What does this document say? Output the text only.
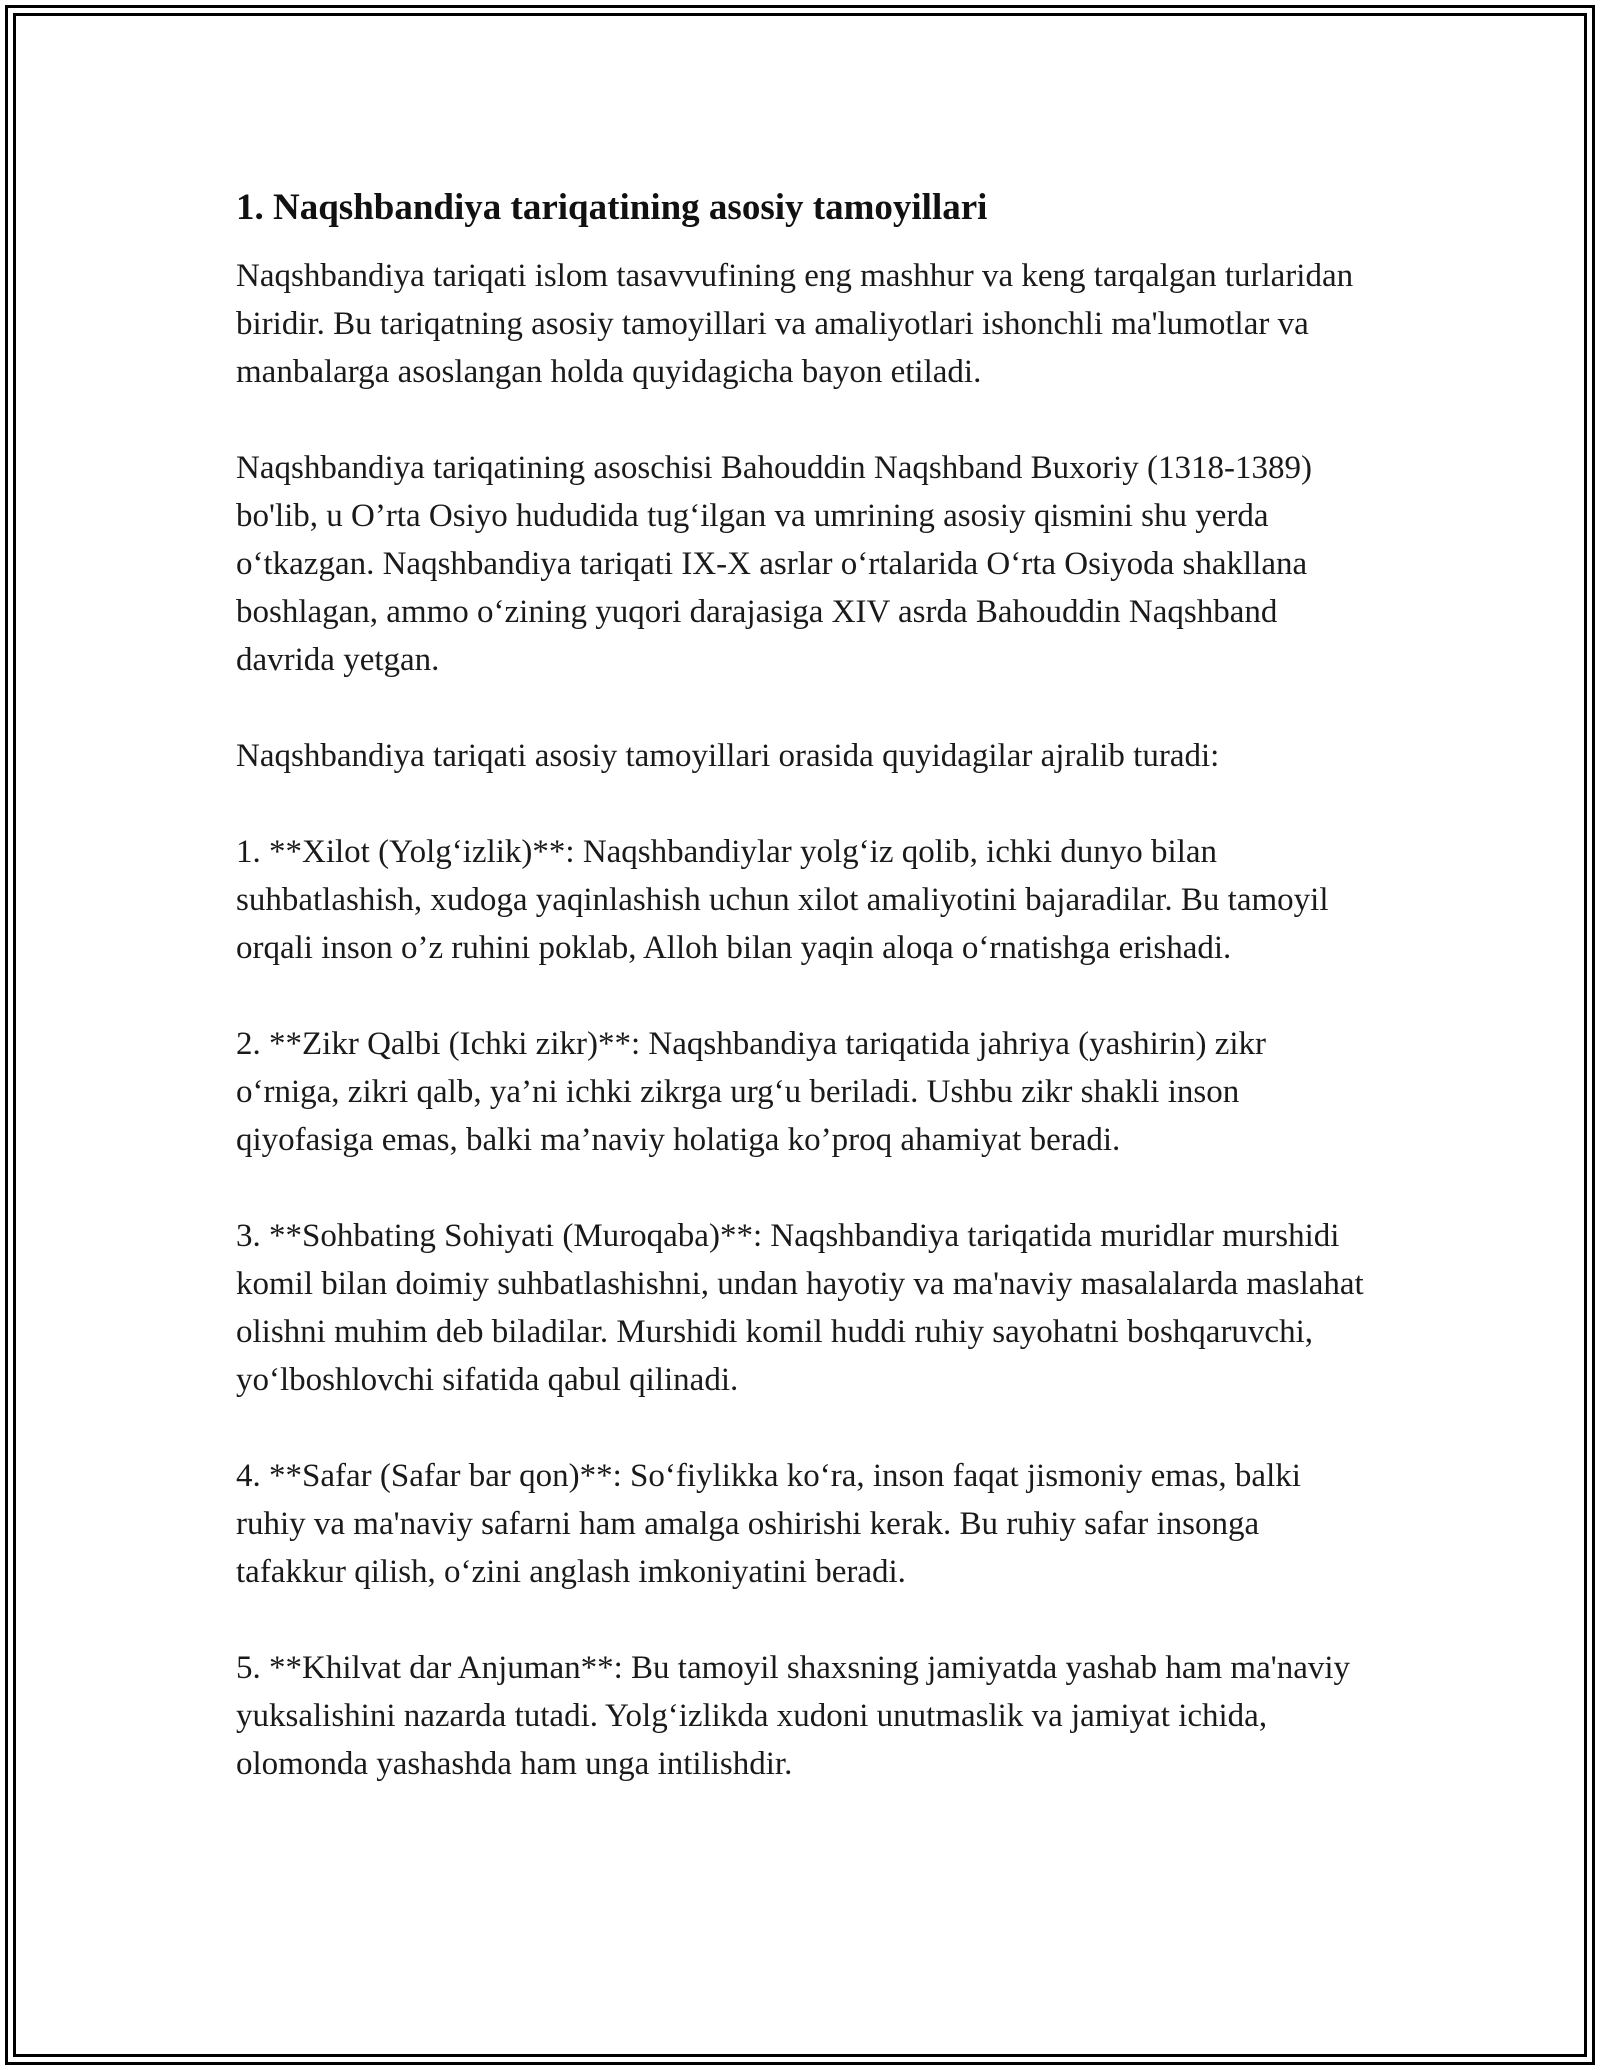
1. Naqshbandiya tariqatining asosiy tamoyillari

Naqshbandiya tariqati islom tasavvufining eng mashhur va keng tarqalgan turlaridan biridir. Bu tariqatning asosiy tamoyillari va amaliyotlari ishonchli ma'lumotlar va manbalarga asoslangan holda quyidagicha bayon etiladi.

Naqshbandiya tariqatining asoschisi Bahouddin Naqshband Buxoriy (1318-1389) bo'lib, u O’rta Osiyo hududida tug‘ilgan va umrining asosiy qismini shu yerda o‘tkazgan. Naqshbandiya tariqati IX-X asrlar o‘rtalarida O‘rta Osiyoda shakllana boshlagan, ammo o‘zining yuqori darajasiga XIV asrda Bahouddin Naqshband davrida yetgan.

Naqshbandiya tariqati asosiy tamoyillari orasida quyidagilar ajralib turadi:

1. **Xilot (Yolg‘izlik)**: Naqshbandiylar yolg‘iz qolib, ichki dunyo bilan suhbatlashish, xudoga yaqinlashish uchun xilot amaliyotini bajaradilar. Bu tamoyil orqali inson o’z ruhini poklab, Alloh bilan yaqin aloqa o‘rnatishga erishadi.

2. **Zikr Qalbi (Ichki zikr)**: Naqshbandiya tariqatida jahriya (yashirin) zikr o‘rniga, zikri qalb, ya’ni ichki zikrga urg‘u beriladi. Ushbu zikr shakli inson qiyofasiga emas, balki ma’naviy holatiga ko’proq ahamiyat beradi.

3. **Sohbating Sohiyati (Muroqaba)**: Naqshbandiya tariqatida muridlar murshidi komil bilan doimiy suhbatlashishni, undan hayotiy va ma'naviy masalalarda maslahat olishni muhim deb biladilar. Murshidi komil huddi ruhiy sayohatni boshqaruvchi, yo‘lboshlovchi sifatida qabul qilinadi.

4. **Safar (Safar bar qon)**: So‘fiylikka ko‘ra, inson faqat jismoniy emas, balki ruhiy va ma'naviy safarni ham amalga oshirishi kerak. Bu ruhiy safar insonga tafakkur qilish, o‘zini anglash imkoniyatini beradi.

5. **Khilvat dar Anjuman**: Bu tamoyil shaxsning jamiyatda yashab ham ma'naviy yuksalishini nazarda tutadi. Yolg‘izlikda xudoni unutmaslik va jamiyat ichida, olomonda yashashda ham unga intilishdir.
